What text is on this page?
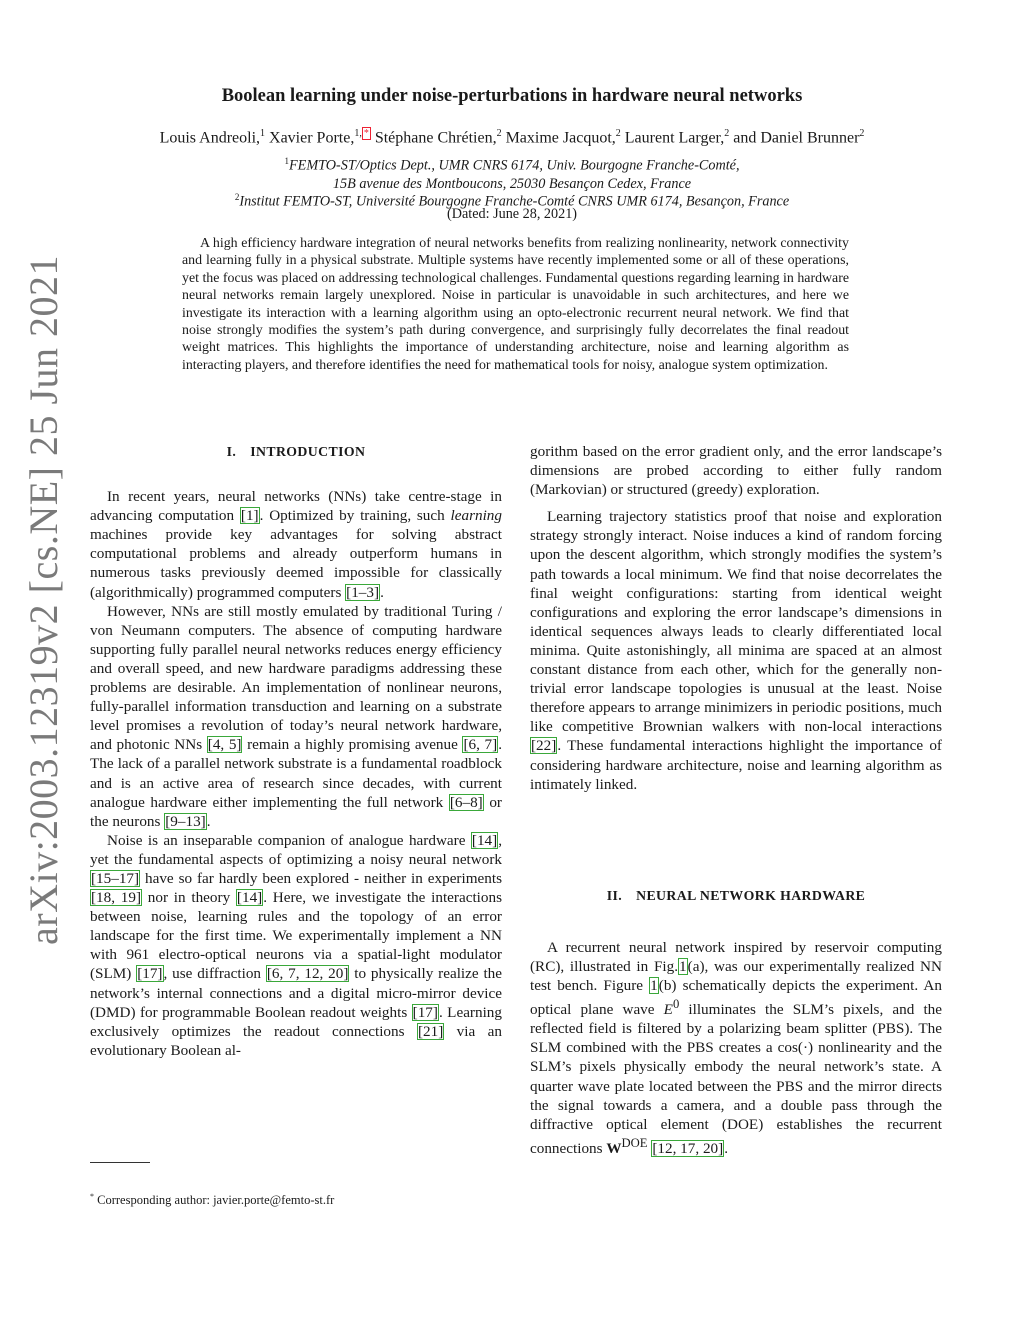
arXiv:2003.12319v2 [cs.NE] 25 Jun 2021
Boolean learning under noise-perturbations in hardware neural networks
Louis Andreoli,$^1$ Xavier Porte,$^{1,}$ * Stéphane Chrétien,$^2$ Maxime Jacquot,$^2$ Laurent Larger,$^2$ and Daniel Brunner$^2$
$^1$FEMTO-ST/Optics Dept., UMR CNRS 6174, Univ. Bourgogne Franche-Comté,
15B avenue des Montboucons, 25030 Besançon Cedex, France
$^2$Institut FEMTO-ST, Université Bourgogne Franche-Comté CNRS UMR 6174, Besançon, France
(Dated: June 28, 2021)

A high efficiency hardware integration of neural networks benefits from realizing nonlinearity, network connectivity and learning fully in a physical substrate. Multiple systems have recently implemented some or all of these operations, yet the focus was placed on addressing technological challenges. Fundamental questions regarding learning in hardware neural networks remain largely unexplored. Noise in particular is unavoidable in such architectures, and here we investigate its interaction with a learning algorithm using an opto-electronic recurrent neural network. We find that noise strongly modifies the system’s path during convergence, and surprisingly fully decorrelates the final readout weight matrices. This highlights the importance of understanding architecture, noise and learning algorithm as interacting players, and therefore identifies the need for mathematical tools for noisy, analogue system optimization.

I. INTRODUCTION

In recent years, neural networks (NNs) take centre-stage in advancing computation [1]. Optimized by training, such learning machines provide key advantages for solving abstract computational problems and already outperform humans in numerous tasks previously deemed impossible for classically (algorithmically) programmed computers [1–3].

However, NNs are still mostly emulated by traditional Turing / von Neumann computers. The absence of computing hardware supporting fully parallel neural networks reduces energy efficiency and overall speed, and new hardware paradigms addressing these problems are desirable. An implementation of nonlinear neurons, fully-parallel information transduction and learning on a substrate level promises a revolution of today’s neural network hardware, and photonic NNs [4, 5] remain a highly promising avenue [6, 7]. The lack of a parallel network substrate is a fundamental roadblock and is an active area of research since decades, with current analogue hardware either implementing the full network [6–8] or the neurons [9–13].

Noise is an inseparable companion of analogue hardware [14], yet the fundamental aspects of optimizing a noisy neural network [15–17] have so far hardly been explored - neither in experiments [18, 19] nor in theory [14]. Here, we investigate the interactions between noise, learning rules and the topology of an error landscape for the first time. We experimentally implement a NN with 961 electro-optical neurons via a spatial-light modulator (SLM) [17], use diffraction [6, 7, 12, 20] to physically realize the network’s internal connections and a digital micro-mirror device (DMD) for programmable Boolean readout weights [17]. Learning exclusively optimizes the readout connections [21] via an evolutionary Boolean al-

* Corresponding author: javier.porte@femto-st.fr

gorithm based on the error gradient only, and the error landscape’s dimensions are probed according to either fully random (Markovian) or structured (greedy) exploration.

Learning trajectory statistics proof that noise and exploration strategy strongly interact. Noise induces a kind of random forcing upon the descent algorithm, which strongly modifies the system’s path towards a local minimum. We find that noise decorrelates the final weight configurations: starting from identical weight configurations and exploring the error landscape’s dimensions in identical sequences always leads to clearly differentiated local minima. Quite astonishingly, all minima are spaced at an almost constant distance from each other, which for the generally non-trivial error landscape topologies is unusual at the least. Noise therefore appears to arrange minimizers in periodic positions, much like competitive Brownian walkers with non-local interactions [22]. These fundamental interactions highlight the importance of considering hardware architecture, noise and learning algorithm as intimately linked.

II. NEURAL NETWORK HARDWARE

A recurrent neural network inspired by reservoir computing (RC), illustrated in Fig.1(a), was our experimentally realized NN test bench. Figure 1(b) schematically depicts the experiment. An optical plane wave $E^0$ illuminates the SLM’s pixels, and the reflected field is filtered by a polarizing beam splitter (PBS). The SLM combined with the PBS creates a cos(·) nonlinearity and the SLM’s pixels physically embody the neural network’s state. A quarter wave plate located between the PBS and the mirror directs the signal towards a camera, and a double pass through the diffractive optical element (DOE) establishes the recurrent connections $W^{DOE}$ [12, 17, 20].
